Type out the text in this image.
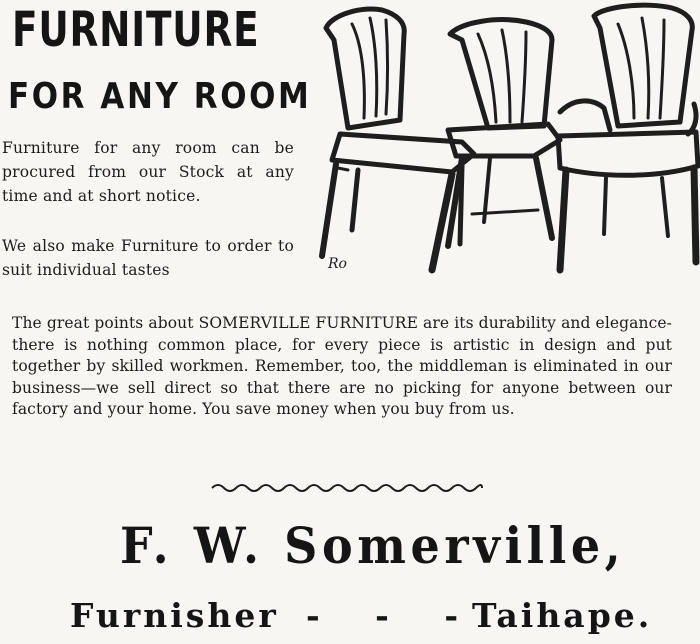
FURNITURE
FOR ANY ROOM

Furniture for any room can be procured from our Stock at any time and at short notice.

We also make Furniture to order to suit individual tastes	Ro

The great points about SOMERVILLE FURNITURE are its durability and elegance-there is nothing common place, for every piece is artistic in design and put together by skilled workmen. Remember, too, the middleman is eliminated in our business—we sell direct so that there are no picking for anyone between our factory and your home. You save money when you buy from us.

F. W. Somerville,
Furnisher - - -
Taihape.
